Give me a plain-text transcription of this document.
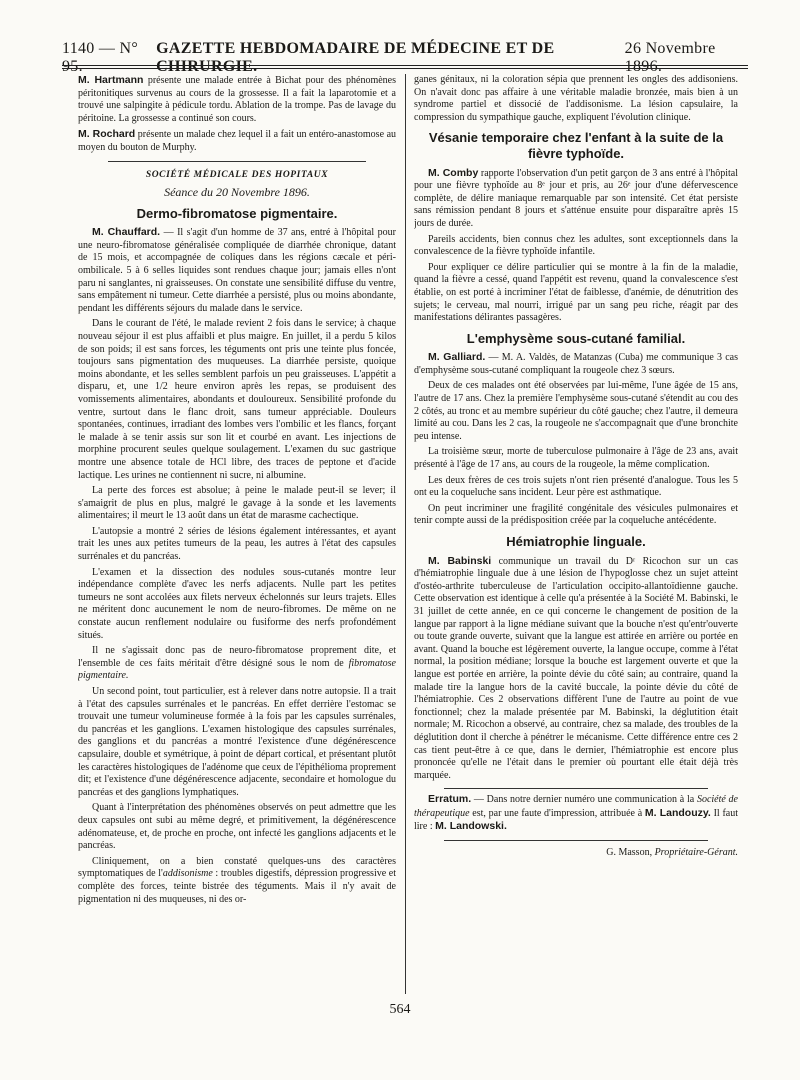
1140 — N° 95.
GAZETTE HEBDOMADAIRE DE MÉDECINE ET DE CHIRURGIE.
26 Novembre 1896.

M. Hartmann présente une malade entrée à Bichat pour des phénomènes péritonitiques survenus au cours de la grossesse. Il a fait la laparotomie et a trouvé une salpingite à pédicule tordu. Ablation de la trompe. Pas de lavage du péritoine. La grossesse a continué son cours.

M. Rochard présente un malade chez lequel il a fait un entéro-anastomose au moyen du bouton de Murphy.

SOCIÉTÉ MÉDICALE DES HOPITAUX
Séance du 20 Novembre 1896.
Dermo-fibromatose pigmentaire.

M. Chauffard. — Il s'agit d'un homme de 37 ans, entré à l'hôpital pour une neuro-fibromatose généralisée compliquée de diarrhée chronique, datant de 15 mois, et accompagnée de coliques dans les régions cæcale et péri-ombilicale. 5 à 6 selles liquides sont rendues chaque jour; jamais elles n'ont paru ni sanglantes, ni graisseuses. On constate une sensibilité diffuse du ventre, sans empâtement ni tumeur. Cette diarrhée a persisté, plus ou moins abondante, pendant les différents séjours du malade dans le service.

Dans le courant de l'été, le malade revient 2 fois dans le service; à chaque nouveau séjour il est plus affaibli et plus maigre. En juillet, il a perdu 5 kilos de son poids; il est sans forces, les téguments ont pris une teinte plus foncée, toujours sans pigmentation des muqueuses. La diarrhée persiste, quoique moins abondante, et les selles semblent parfois un peu graisseuses. L'appétit a disparu, et, une 1/2 heure environ après les repas, se produisent des vomissements alimentaires, abondants et douloureux. Sensibilité profonde du ventre, surtout dans le flanc droit, sans tumeur appréciable. Douleurs spontanées, continues, irradiant des lombes vers l'ombilic et les flancs, forçant le malade à se tenir assis sur son lit et courbé en avant. Les injections de morphine procurent seules quelque soulagement. L'examen du suc gastrique montre une absence totale de HCl libre, des traces de peptone et d'acide lactique. Les urines ne contiennent ni sucre, ni albumine.

La perte des forces est absolue; à peine le malade peut-il se lever; il s'amaigrit de plus en plus, malgré le gavage à la sonde et les lavements alimentaires; il meurt le 13 août dans un état de marasme cachectique.

L'autopsie a montré 2 séries de lésions également intéressantes, et ayant trait les unes aux petites tumeurs de la peau, les autres à l'état des capsules surrénales et du pancréas.

L'examen et la dissection des nodules sous-cutanés montre leur indépendance complète d'avec les nerfs adjacents. Nulle part les petites tumeurs ne sont accolées aux filets nerveux échelonnés sur leurs trajets. Elles ne méritent donc aucunement le nom de neuro-fibromes. De même on ne constate aucun renflement nodulaire ou fusiforme des nerfs profondément situés.

Il ne s'agissait donc pas de neuro-fibromatose proprement dite, et l'ensemble de ces faits méritait d'être désigné sous le nom de fibromatose pigmentaire.

Un second point, tout particulier, est à relever dans notre autopsie. Il a trait à l'état des capsules surrénales et le pancréas. En effet derrière l'estomac se trouvait une tumeur volumineuse formée à la fois par les capsules surrénales, du pancréas et les ganglions. L'examen histologique des capsules surrénales, des ganglions et du pancréas a montré l'existence d'une dégénérescence capsulaire, double et symétrique, à point de départ cortical, et présentant plutôt les caractères histologiques de l'adénome que ceux de l'épithélioma proprement dit; et l'existence d'une dégénérescence adjacente, secondaire et homologue du pancréas et des ganglions lymphatiques.

Quant à l'interprétation des phénomènes observés on peut admettre que les deux capsules ont subi au même degré, et primitivement, la dégénérescence adénomateuse, et, de proche en proche, ont infecté les ganglions adjacents et le pancréas.

Cliniquement, on a bien constaté quelques-uns des caractères symptomatiques de l'addisonisme : troubles digestifs, dépression progressive et complète des forces, teinte bistrée des téguments. Mais il n'y avait de pigmentation ni des muqueuses, ni des or-

ganes génitaux, ni la coloration sépia que prennent les ongles des addisoniens. On n'avait donc pas affaire à une véritable maladie bronzée, mais bien à un syndrome partiel et dissocié de l'addisonisme. La lésion capsulaire, la compression du sympathique gauche, expliquent l'évolution clinique.

Vésanie temporaire chez l'enfant à la suite de la fièvre typhoïde.

M. Comby rapporte l'observation d'un petit garçon de 3 ans entré à l'hôpital pour une fièvre typhoïde au 8ᵉ jour et pris, au 26ᵉ jour d'une défervescence complète, de délire maniaque remarquable par son intensité. Cet état persiste sans rémission pendant 8 jours et s'atténue ensuite pour disparaître après 15 jours de durée.

Pareils accidents, bien connus chez les adultes, sont exceptionnels dans la convalescence de la fièvre typhoïde infantile.

Pour expliquer ce délire particulier qui se montre à la fin de la maladie, quand la fièvre a cessé, quand l'appétit est revenu, quand la convalescence s'est établie, on est porté à incriminer l'état de faiblesse, d'anémie, de dénutrition des sujets; le cerveau, mal nourri, irrigué par un sang peu riche, réagit par des manifestations délirantes passagères.

L'emphysème sous-cutané familial.

M. Galliard. — M. A. Valdès, de Matanzas (Cuba) me communique 3 cas d'emphysème sous-cutané compliquant la rougeole chez 3 sœurs.

Deux de ces malades ont été observées par lui-même, l'une âgée de 15 ans, l'autre de 17 ans. Chez la première l'emphysème sous-cutané s'étendit au cou des 2 côtés, au tronc et au membre supérieur du côté gauche; chez l'autre, il demeura limité au cou. Dans les 2 cas, la rougeole ne s'accompagnait que d'une bronchite peu intense.

La troisième sœur, morte de tuberculose pulmonaire à l'âge de 23 ans, avait présenté à l'âge de 17 ans, au cours de la rougeole, la même complication.

Les deux frères de ces trois sujets n'ont rien présenté d'analogue. Tous les 5 ont eu la coqueluche sans incident. Leur père est asthmatique.

On peut incriminer une fragilité congénitale des vésicules pulmonaires et tenir compte aussi de la prédisposition créée par la coqueluche antécédente.

Hémiatrophie linguale.

M. Babinski communique un travail du Dʳ Ricochon sur un cas d'hémiatrophie linguale due à une lésion de l'hypoglosse chez un sujet atteint d'ostéo-arthrite tuberculeuse de l'articulation occipito-allantoïdienne gauche. Cette observation est identique à celle qu'a présentée à la Société M. Babinski, le 31 juillet de cette année, en ce qui concerne le changement de position de la langue par rapport à la ligne médiane suivant que la bouche n'est qu'entr'ouverte ou toute grande ouverte, suivant que la langue est attirée en arrière ou portée en avant. Quand la bouche est légèrement ouverte, la langue occupe, comme à l'état normal, la position médiane; lorsque la bouche est largement ouverte et que la langue est portée en arrière, la pointe dévie du côté sain; au contraire, quand la malade tire la langue hors de la cavité buccale, la pointe dévie du côté de l'hémiatrophie. Ces 2 observations diffèrent l'une de l'autre au point de vue fonctionnel; chez la malade présentée par M. Babinski, la déglutition était normale; M. Ricochon a observé, au contraire, chez sa malade, des troubles de la déglutition dont il cherche à pénétrer le mécanisme. Cette différence entre ces 2 cas tient peut-être à ce que, dans le dernier, l'hémiatrophie est encore plus prononcée qu'elle ne l'était dans le premier où pourtant elle était déjà très marquée.

Erratum. — Dans notre dernier numéro une communication à la Société de thérapeutique est, par une faute d'impression, attribuée à M. Landouzy. Il faut lire : M. Landowski.

G. Masson, Propriétaire-Gérant.
564
